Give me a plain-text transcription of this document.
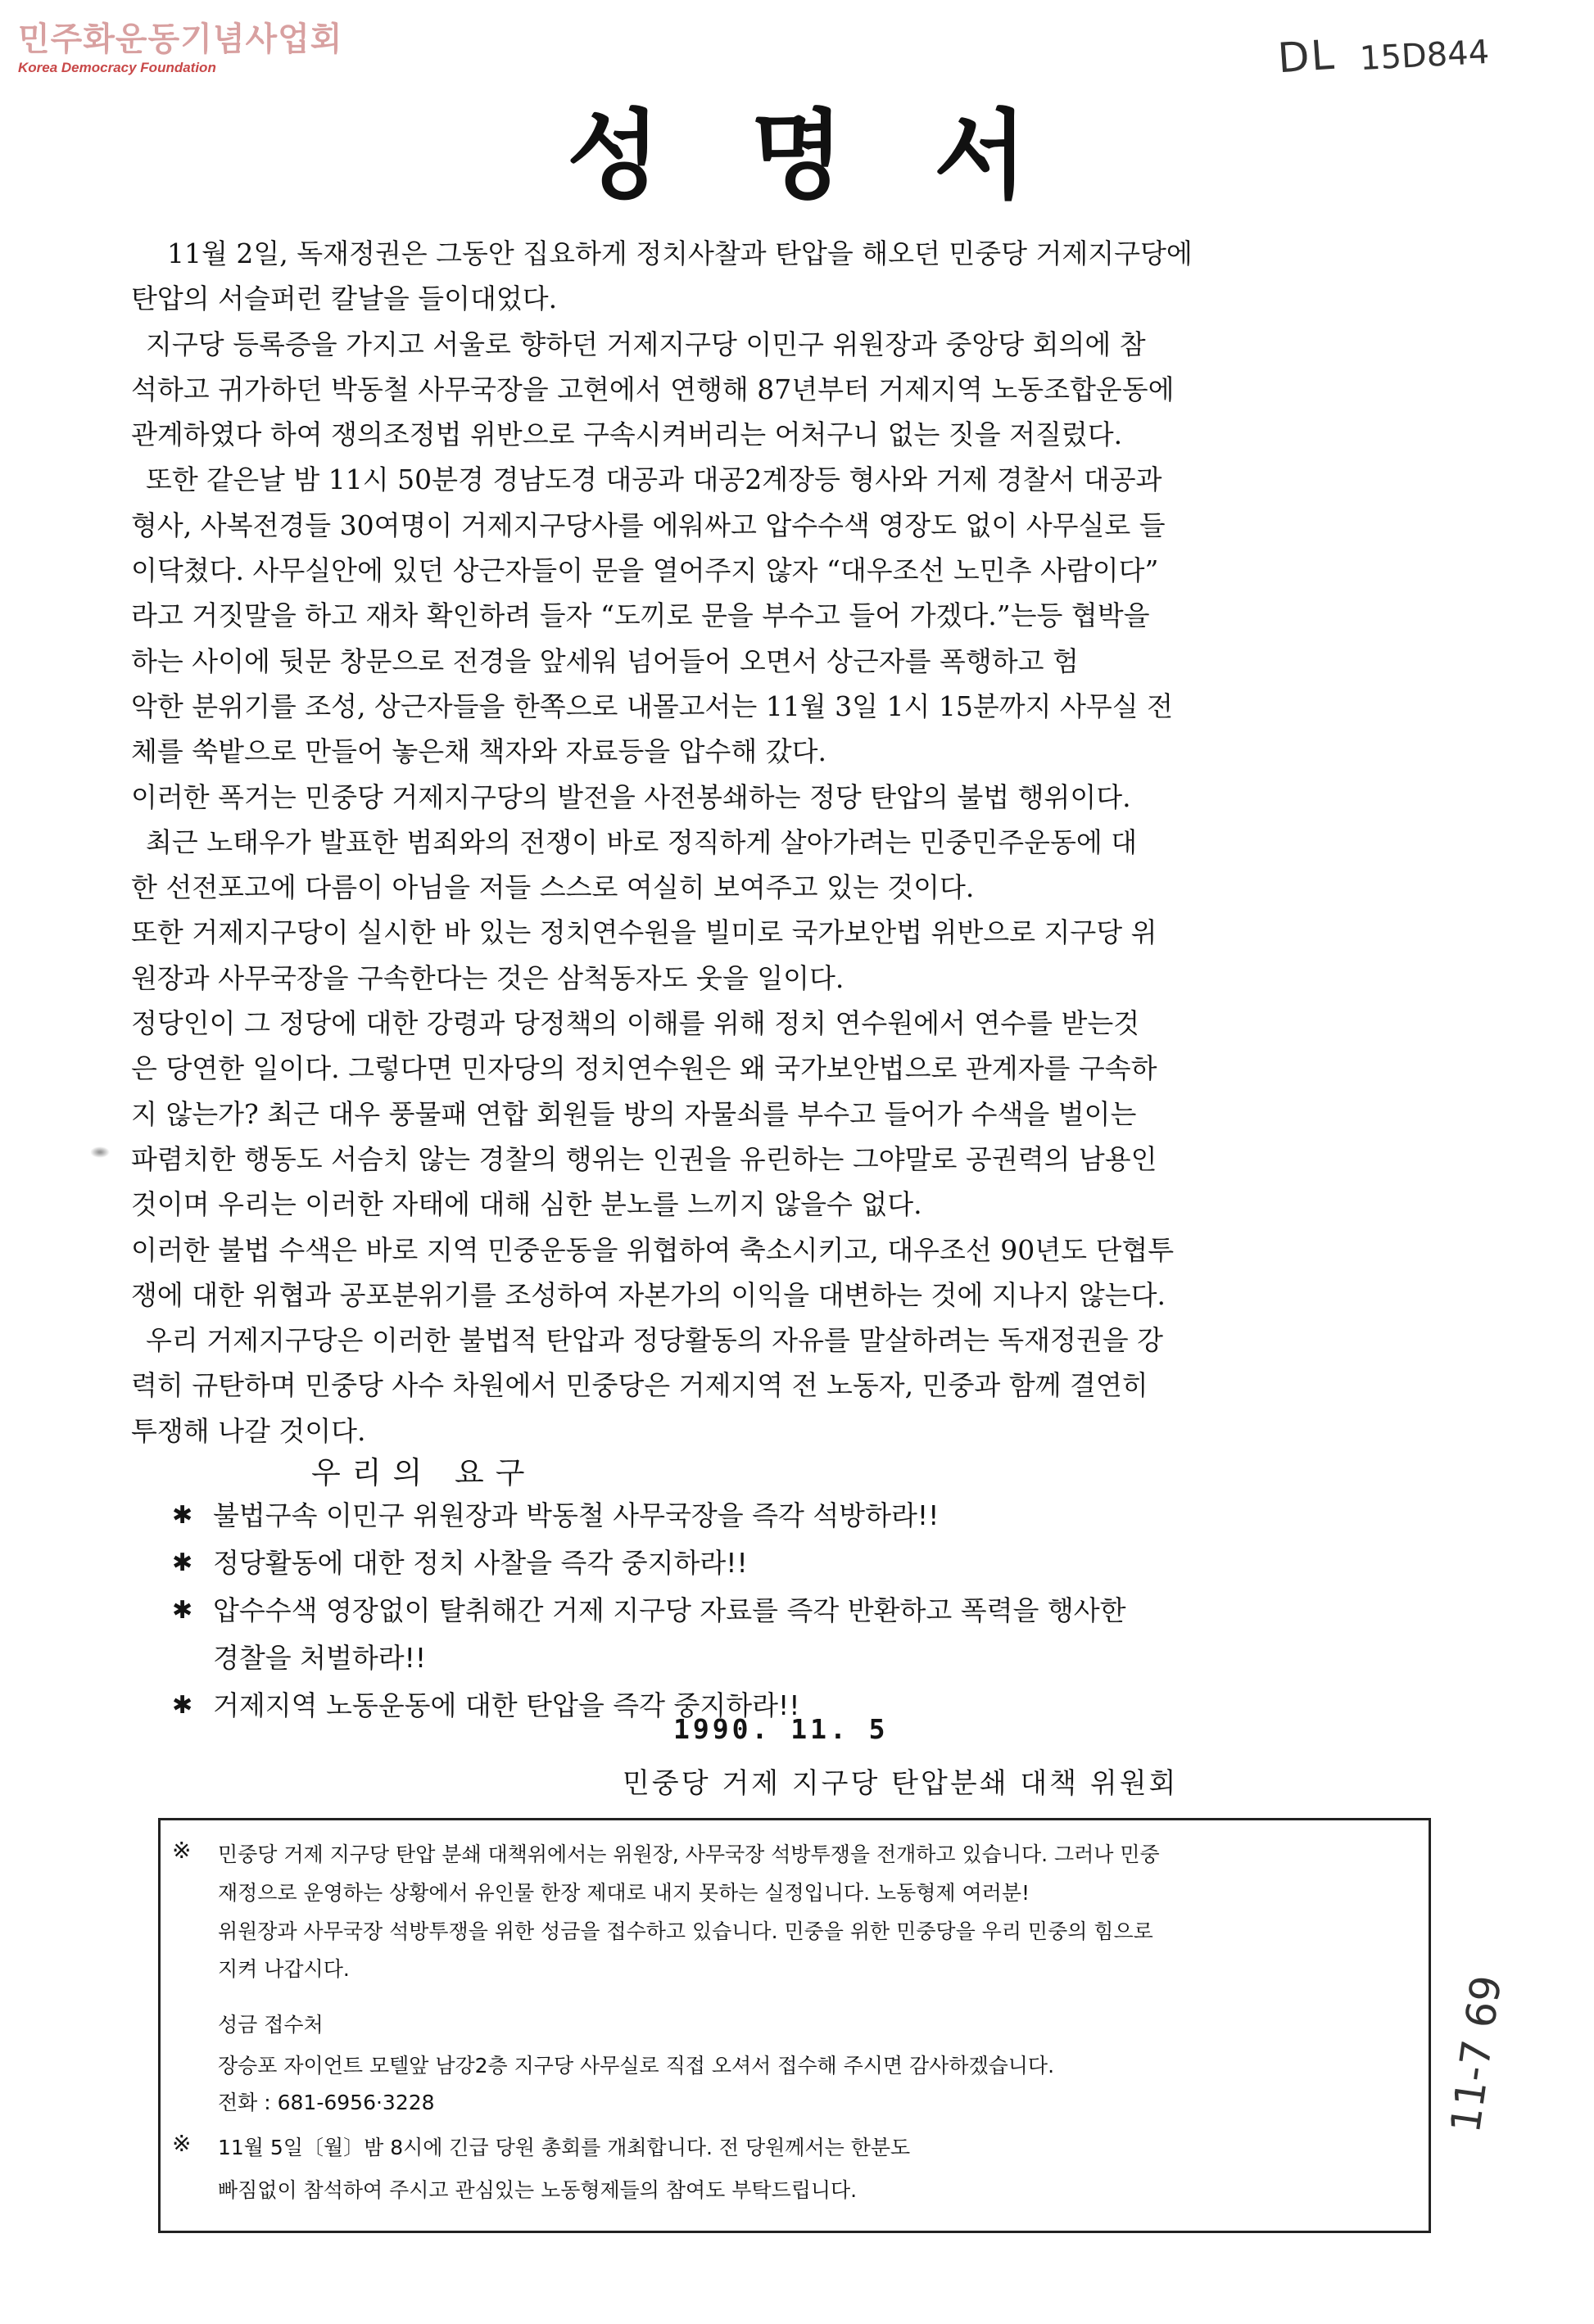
민주화운동기념사업회
Korea Democracy Foundation	DL 15D844
성명서

11월 2일, 독재정권은 그동안 집요하게 정치사찰과 탄압을 해오던 민중당 거제지구당에

탄압의 서슬퍼런 칼날을 들이대었다.

지구당 등록증을 가지고 서울로 향하던 거제지구당 이민구 위원장과 중앙당 회의에 참

석하고 귀가하던 박동철 사무국장을 고현에서 연행해 87년부터 거제지역 노동조합운동에

관계하였다 하여 쟁의조정법 위반으로 구속시켜버리는 어처구니 없는 짓을 저질렀다.

또한 같은날 밤 11시 50분경 경남도경 대공과 대공2계장등 형사와 거제 경찰서 대공과

형사, 사복전경들 30여명이 거제지구당사를 에워싸고 압수수색 영장도 없이 사무실로 들

이닥쳤다. 사무실안에 있던 상근자들이 문을 열어주지 않자 “대우조선 노민추 사람이다”

라고 거짓말을 하고 재차 확인하려 들자 “도끼로 문을 부수고 들어 가겠다.”는등 협박을

하는 사이에 뒷문 창문으로 전경을 앞세워 넘어들어 오면서 상근자를 폭행하고 험

악한 분위기를 조성, 상근자들을 한쪽으로 내몰고서는 11월 3일 1시 15분까지 사무실 전

체를 쑥밭으로 만들어 놓은채 책자와 자료등을 압수해 갔다.

이러한 폭거는 민중당 거제지구당의 발전을 사전봉쇄하는 정당 탄압의 불법 행위이다.

최근 노태우가 발표한 범죄와의 전쟁이 바로 정직하게 살아가려는 민중민주운동에 대

한 선전포고에 다름이 아님을 저들 스스로 여실히 보여주고 있는 것이다.

또한 거제지구당이 실시한 바 있는 정치연수원을 빌미로 국가보안법 위반으로 지구당 위

원장과 사무국장을 구속한다는 것은 삼척동자도 웃을 일이다.

정당인이 그 정당에 대한 강령과 당정책의 이해를 위해 정치 연수원에서 연수를 받는것

은 당연한 일이다. 그렇다면 민자당의 정치연수원은 왜 국가보안법으로 관계자를 구속하

지 않는가? 최근 대우 풍물패 연합 회원들 방의 자물쇠를 부수고 들어가 수색을 벌이는

파렴치한 행동도 서슴치 않는 경찰의 행위는 인권을 유린하는 그야말로 공권력의 남용인

것이며 우리는 이러한 자태에 대해 심한 분노를 느끼지 않을수 없다.

이러한 불법 수색은 바로 지역 민중운동을 위협하여 축소시키고, 대우조선 90년도 단협투

쟁에 대한 위협과 공포분위기를 조성하여 자본가의 이익을 대변하는 것에 지나지 않는다.

우리 거제지구당은 이러한 불법적 탄압과 정당활동의 자유를 말살하려는 독재정권을 강

력히 규탄하며 민중당 사수 차원에서 민중당은 거제지역 전 노동자, 민중과 함께 결연히

투쟁해 나갈 것이다.

우리의 요구
✱ 불법구속 이민구 위원장과 박동철 사무국장을 즉각 석방하라!!
✱ 정당활동에 대한 정치 사찰을 즉각 중지하라!!
✱ 압수수색 영장없이 탈취해간 거제 지구당 자료를 즉각 반환하고 폭력을 행사한
경찰을 처벌하라!!
✱ 거제지역 노동운동에 대한 탄압을 즉각 중지하라!!
1990. 11. 5
민중당 거제 지구당 탄압분쇄 대책 위원회
※ 민중당 거제 지구당 탄압 분쇄 대책위에서는 위원장, 사무국장 석방투쟁을 전개하고 있습니다. 그러나 민중
재정으로 운영하는 상황에서 유인물 한장 제대로 내지 못하는 실정입니다. 노동형제 여러분!
위원장과 사무국장 석방투쟁을 위한 성금을 접수하고 있습니다. 민중을 위한 민중당을 우리 민중의 힘으로
지켜 나갑시다.
성금 접수처
장승포 자이언트 모텔앞 남강2층 지구당 사무실로 직접 오셔서 접수해 주시면 감사하겠습니다.
전화 : 681-6956·3228
※ 11월 5일〔월〕밤 8시에 긴급 당원 총회를 개최합니다. 전 당원께서는 한분도
빠짐없이 참석하여 주시고 관심있는 노동형제들의 참여도 부탁드립니다.
11-7 69
